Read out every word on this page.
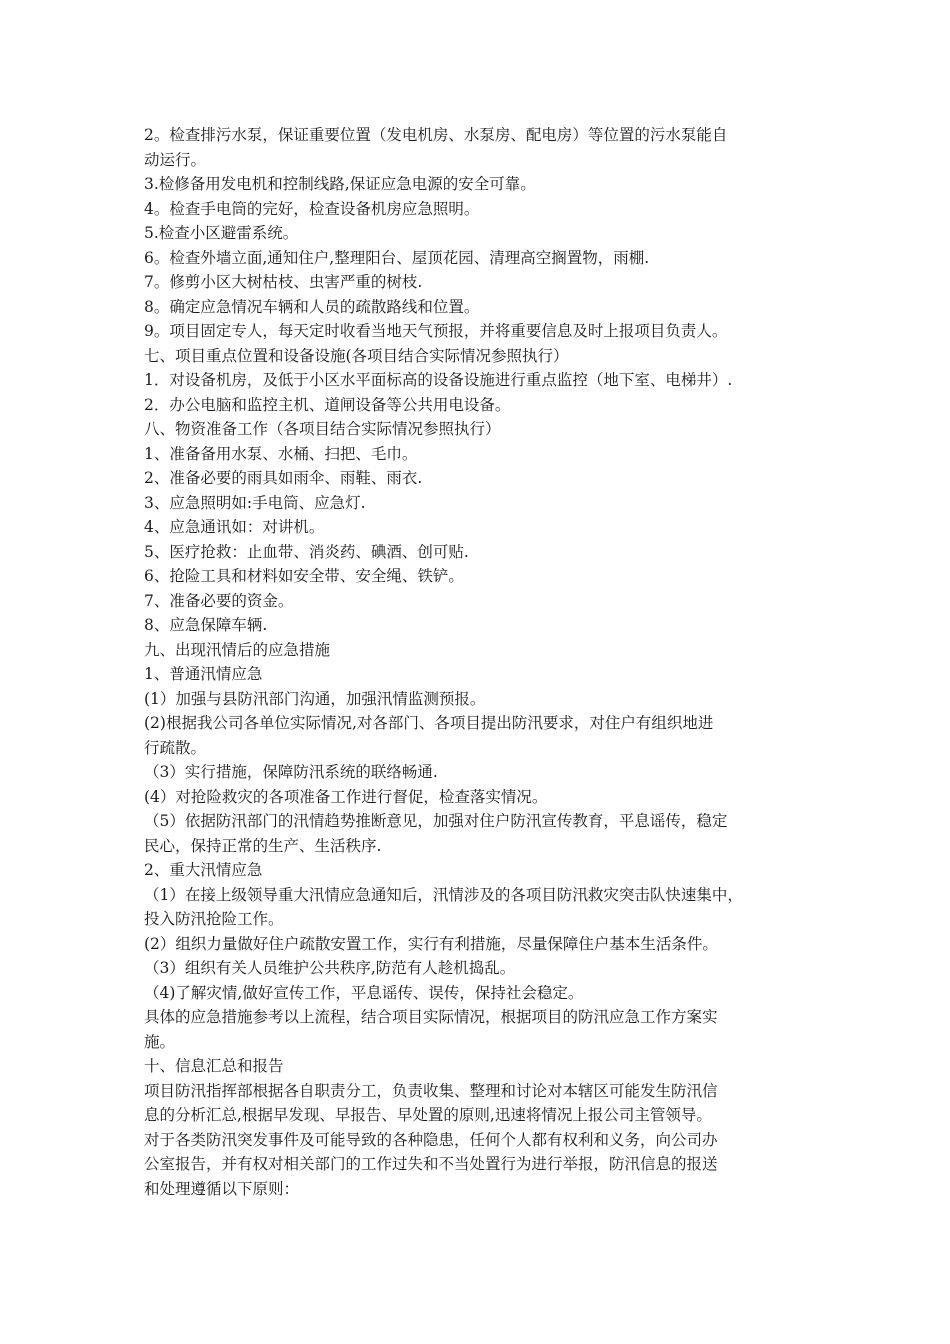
2。检查排污水泵，保证重要位置（发电机房、水泵房、配电房）等位置的污水泵能自

动运行。

3.检修备用发电机和控制线路,保证应急电源的安全可靠。

4。检查手电筒的完好，检查设备机房应急照明。

5.检查小区避雷系统。

6。检查外墙立面,通知住户,整理阳台、屋顶花园、清理高空搁置物，雨棚.

7。修剪小区大树枯枝、虫害严重的树枝.

8。确定应急情况车辆和人员的疏散路线和位置。

9。项目固定专人，每天定时收看当地天气预报，并将重要信息及时上报项目负责人。

七、项目重点位置和设备设施(各项目结合实际情况参照执行）

1．对设备机房，及低于小区水平面标高的设备设施进行重点监控（地下室、电梯井）.

2．办公电脑和监控主机、道闸设备等公共用电设备。

八、物资准备工作（各项目结合实际情况参照执行）

1、准备备用水泵、水桶、扫把、毛巾。

2、准备必要的雨具如雨伞、雨鞋、雨衣.

3、应急照明如:手电筒、应急灯.

4、应急通讯如：对讲机。

5、医疗抢救：止血带、消炎药、碘酒、创可贴.

6、抢险工具和材料如安全带、安全绳、铁铲。

7、准备必要的资金。

8、应急保障车辆.

九、出现汛情后的应急措施

1、普通汛情应急

(1）加强与县防汛部门沟通，加强汛情监测预报。

(2)根据我公司各单位实际情况,对各部门、各项目提出防汛要求，对住户有组织地进

行疏散。

（3）实行措施，保障防汛系统的联络畅通.

(4）对抢险救灾的各项准备工作进行督促，检查落实情况。

（5）依据防汛部门的汛情趋势推断意见，加强对住户防汛宣传教育，平息谣传，稳定

民心，保持正常的生产、生活秩序.

2、重大汛情应急

（1）在接上级领导重大汛情应急通知后，汛情涉及的各项目防汛救灾突击队快速集中，

投入防汛抢险工作。

(2）组织力量做好住户疏散安置工作，实行有利措施，尽量保障住户基本生活条件。

（3）组织有关人员维护公共秩序,防范有人趁机捣乱。

（4)了解灾情,做好宣传工作，平息谣传、误传，保持社会稳定。

具体的应急措施参考以上流程，结合项目实际情况，根据项目的防汛应急工作方案实

施。

十、信息汇总和报告

项目防汛指挥部根据各自职责分工，负责收集、整理和讨论对本辖区可能发生防汛信

息的分析汇总,根据早发现、早报告、早处置的原则,迅速将情况上报公司主管领导。

对于各类防汛突发事件及可能导致的各种隐患，任何个人都有权利和义务，向公司办

公室报告，并有权对相关部门的工作过失和不当处置行为进行举报，防汛信息的报送

和处理遵循以下原则：
